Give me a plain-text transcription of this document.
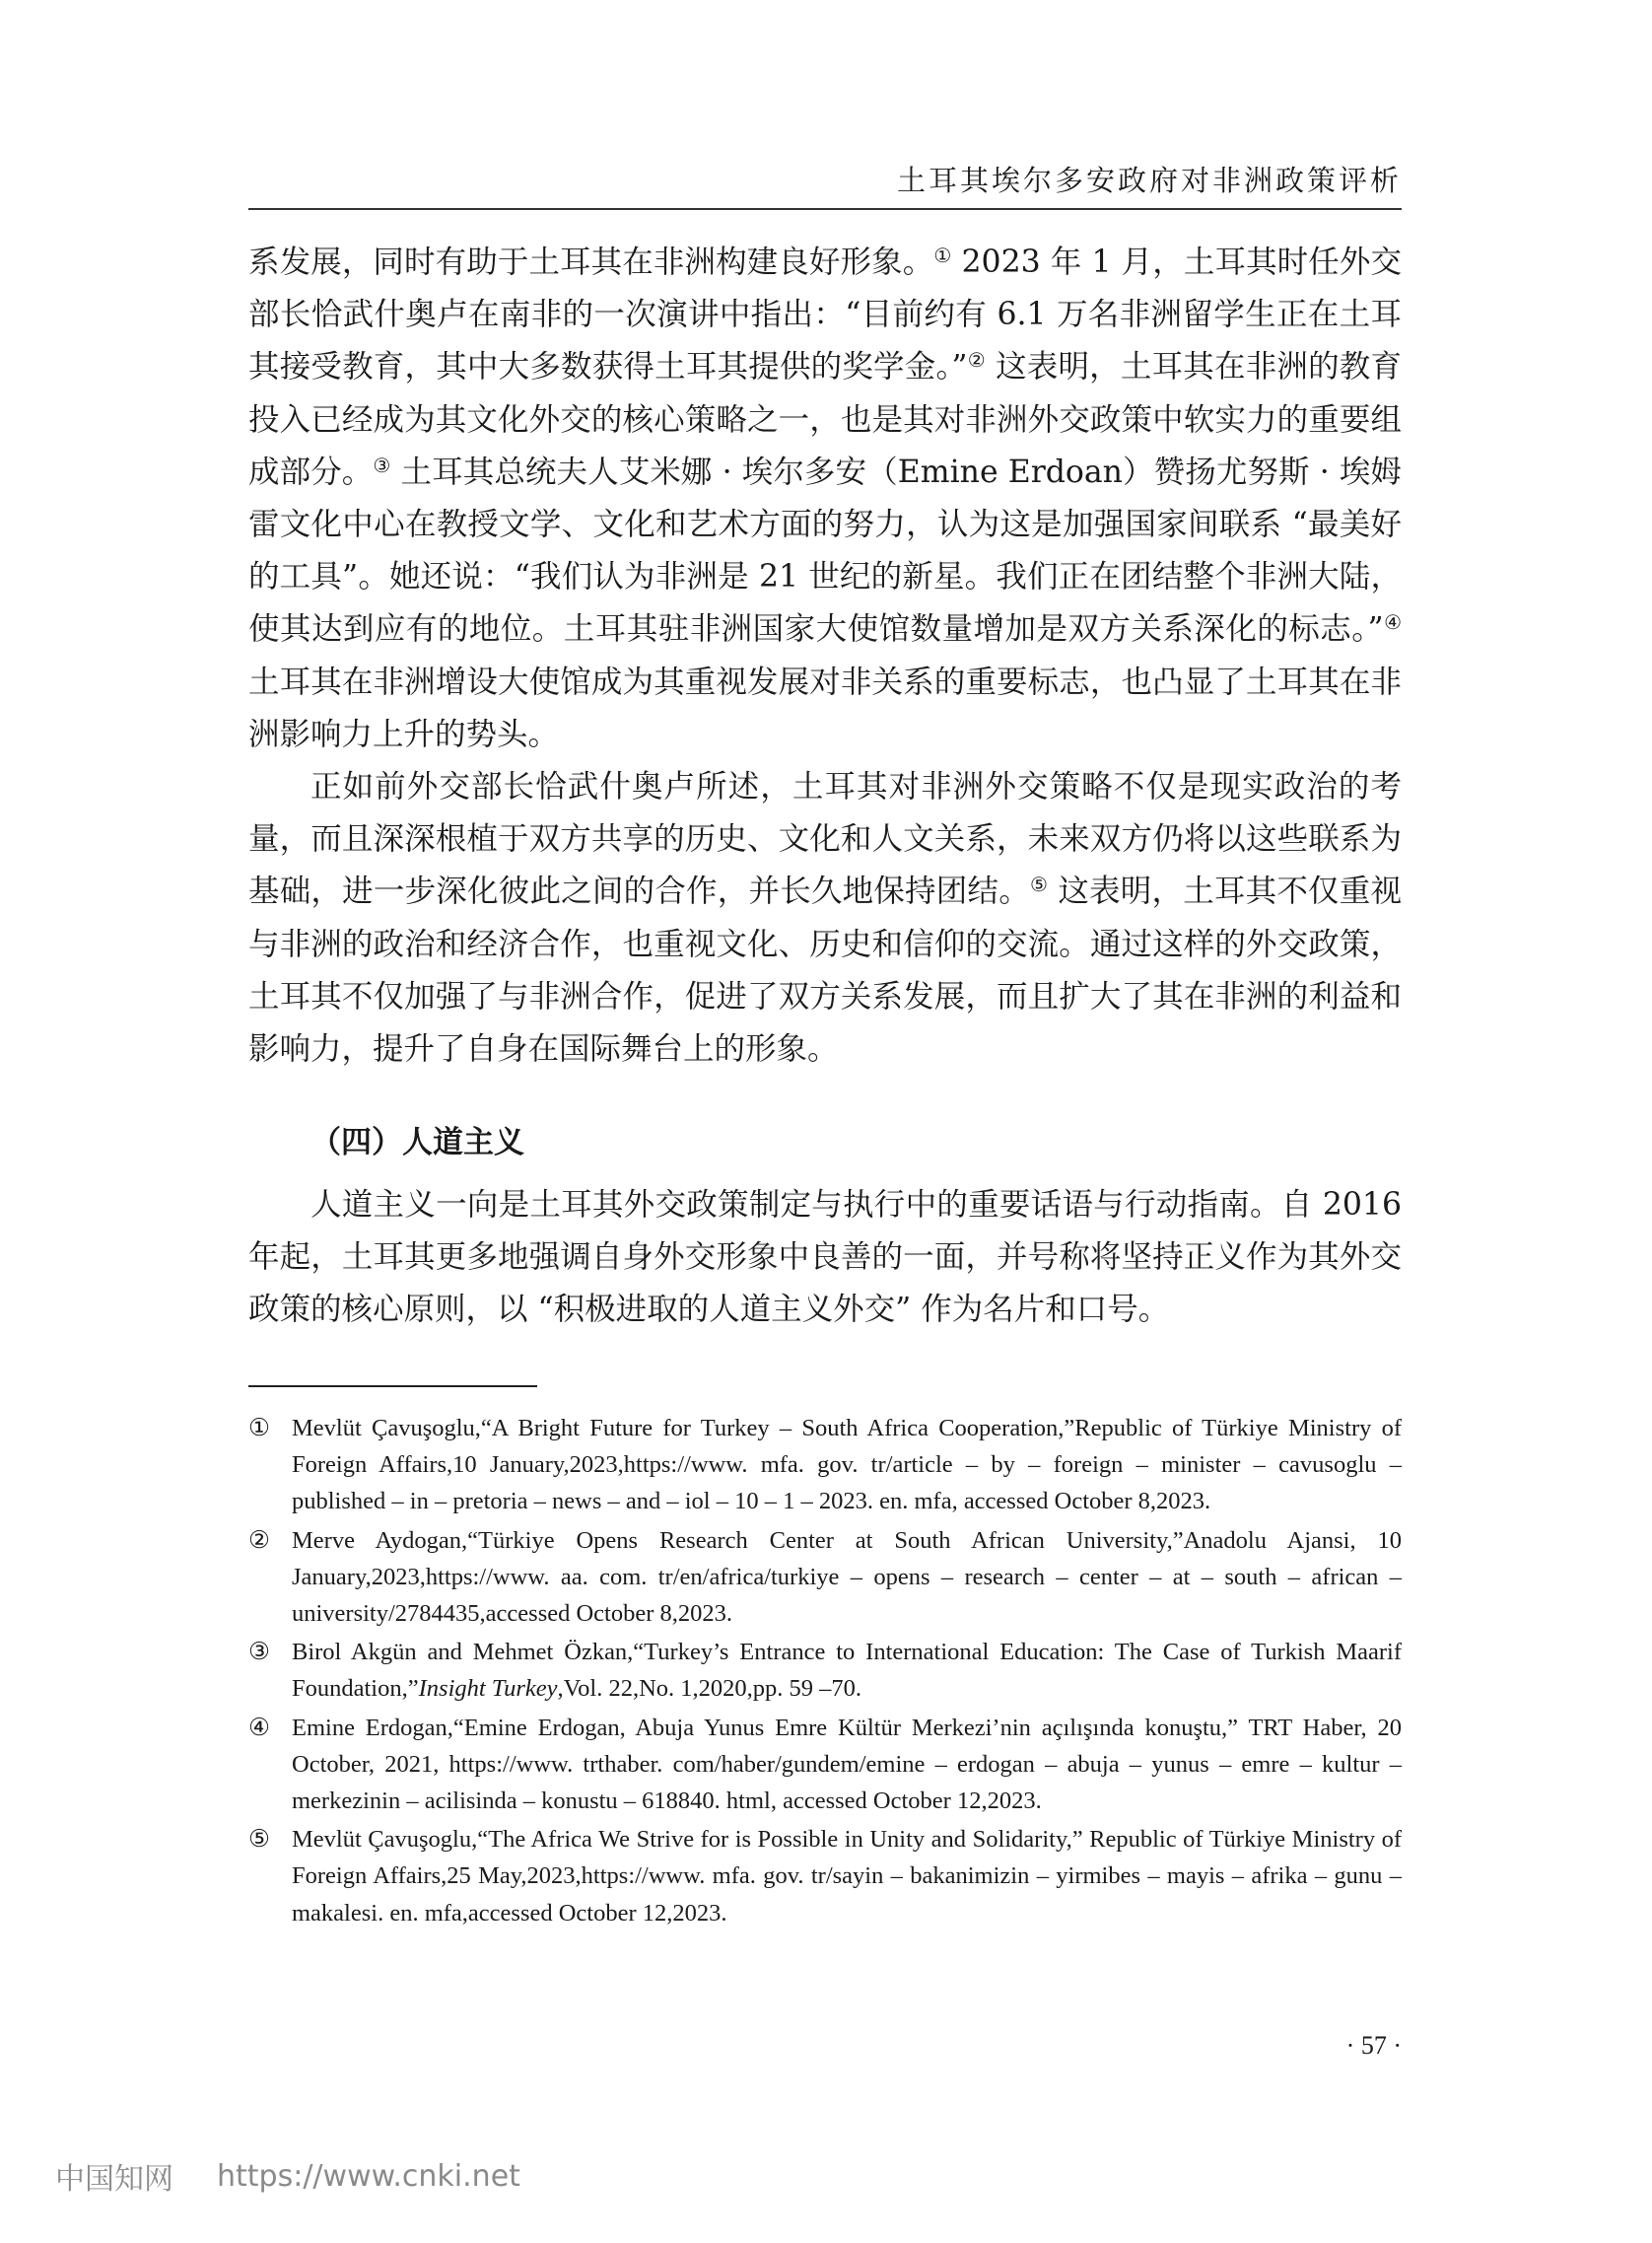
土耳其埃尔多安政府对非洲政策评析

系发展，同时有助于土耳其在非洲构建良好形象。① 2023 年 1 月，土耳其时任外交部长恰武什奥卢在南非的一次演讲中指出：“目前约有 6.1 万名非洲留学生正在土耳其接受教育，其中大多数获得土耳其提供的奖学金。”② 这表明，土耳其在非洲的教育投入已经成为其文化外交的核心策略之一，也是其对非洲外交政策中软实力的重要组成部分。③ 土耳其总统夫人艾米娜 · 埃尔多安（Emine Erdoan）赞扬尤努斯 · 埃姆雷文化中心在教授文学、文化和艺术方面的努力，认为这是加强国家间联系 “最美好的工具”。她还说：“我们认为非洲是 21 世纪的新星。我们正在团结整个非洲大陆，使其达到应有的地位。土耳其驻非洲国家大使馆数量增加是双方关系深化的标志。”④ 土耳其在非洲增设大使馆成为其重视发展对非关系的重要标志，也凸显了土耳其在非洲影响力上升的势头。

正如前外交部长恰武什奥卢所述，土耳其对非洲外交策略不仅是现实政治的考量，而且深深根植于双方共享的历史、文化和人文关系，未来双方仍将以这些联系为基础，进一步深化彼此之间的合作，并长久地保持团结。⑤ 这表明，土耳其不仅重视与非洲的政治和经济合作，也重视文化、历史和信仰的交流。通过这样的外交政策，土耳其不仅加强了与非洲合作，促进了双方关系发展，而且扩大了其在非洲的利益和影响力，提升了自身在国际舞台上的形象。

（四）人道主义

人道主义一向是土耳其外交政策制定与执行中的重要话语与行动指南。自 2016 年起，土耳其更多地强调自身外交形象中良善的一面，并号称将坚持正义作为其外交政策的核心原则，以 “积极进取的人道主义外交” 作为名片和口号。

① Mevlüt Çavuşoglu,“A Bright Future for Turkey – South Africa Cooperation,”Republic of Türkiye Ministry of Foreign Affairs,10 January,2023,https://www. mfa. gov. tr/article – by – foreign – minister – cavusoglu – published – in – pretoria – news – and – iol – 10 – 1 – 2023. en. mfa, accessed October 8,2023.
② Merve Aydogan,“Türkiye Opens Research Center at South African University,”Anadolu Ajansi, 10 January,2023,https://www. aa. com. tr/en/africa/turkiye – opens – research – center – at – south – african – university/2784435,accessed October 8,2023.
③ Birol Akgün and Mehmet Özkan,“Turkey’s Entrance to International Education: The Case of Turkish Maarif Foundation,”Insight Turkey,Vol. 22,No. 1,2020,pp. 59 –70.
④ Emine Erdogan,“Emine Erdogan, Abuja Yunus Emre Kültür Merkezi’nin açılışında konuştu,” TRT Haber, 20 October, 2021, https://www. trthaber. com/haber/gundem/emine – erdogan – abuja – yunus – emre – kultur – merkezinin – acilisinda – konustu – 618840. html, accessed October 12,2023.
⑤ Mevlüt Çavuşoglu,“The Africa We Strive for is Possible in Unity and Solidarity,” Republic of Türkiye Ministry of Foreign Affairs,25 May,2023,https://www. mfa. gov. tr/sayin – bakanimizin – yirmibes – mayis – afrika – gunu – makalesi. en. mfa,accessed October 12,2023.
· 57 ·
中国知网 https://www.cnki.net
